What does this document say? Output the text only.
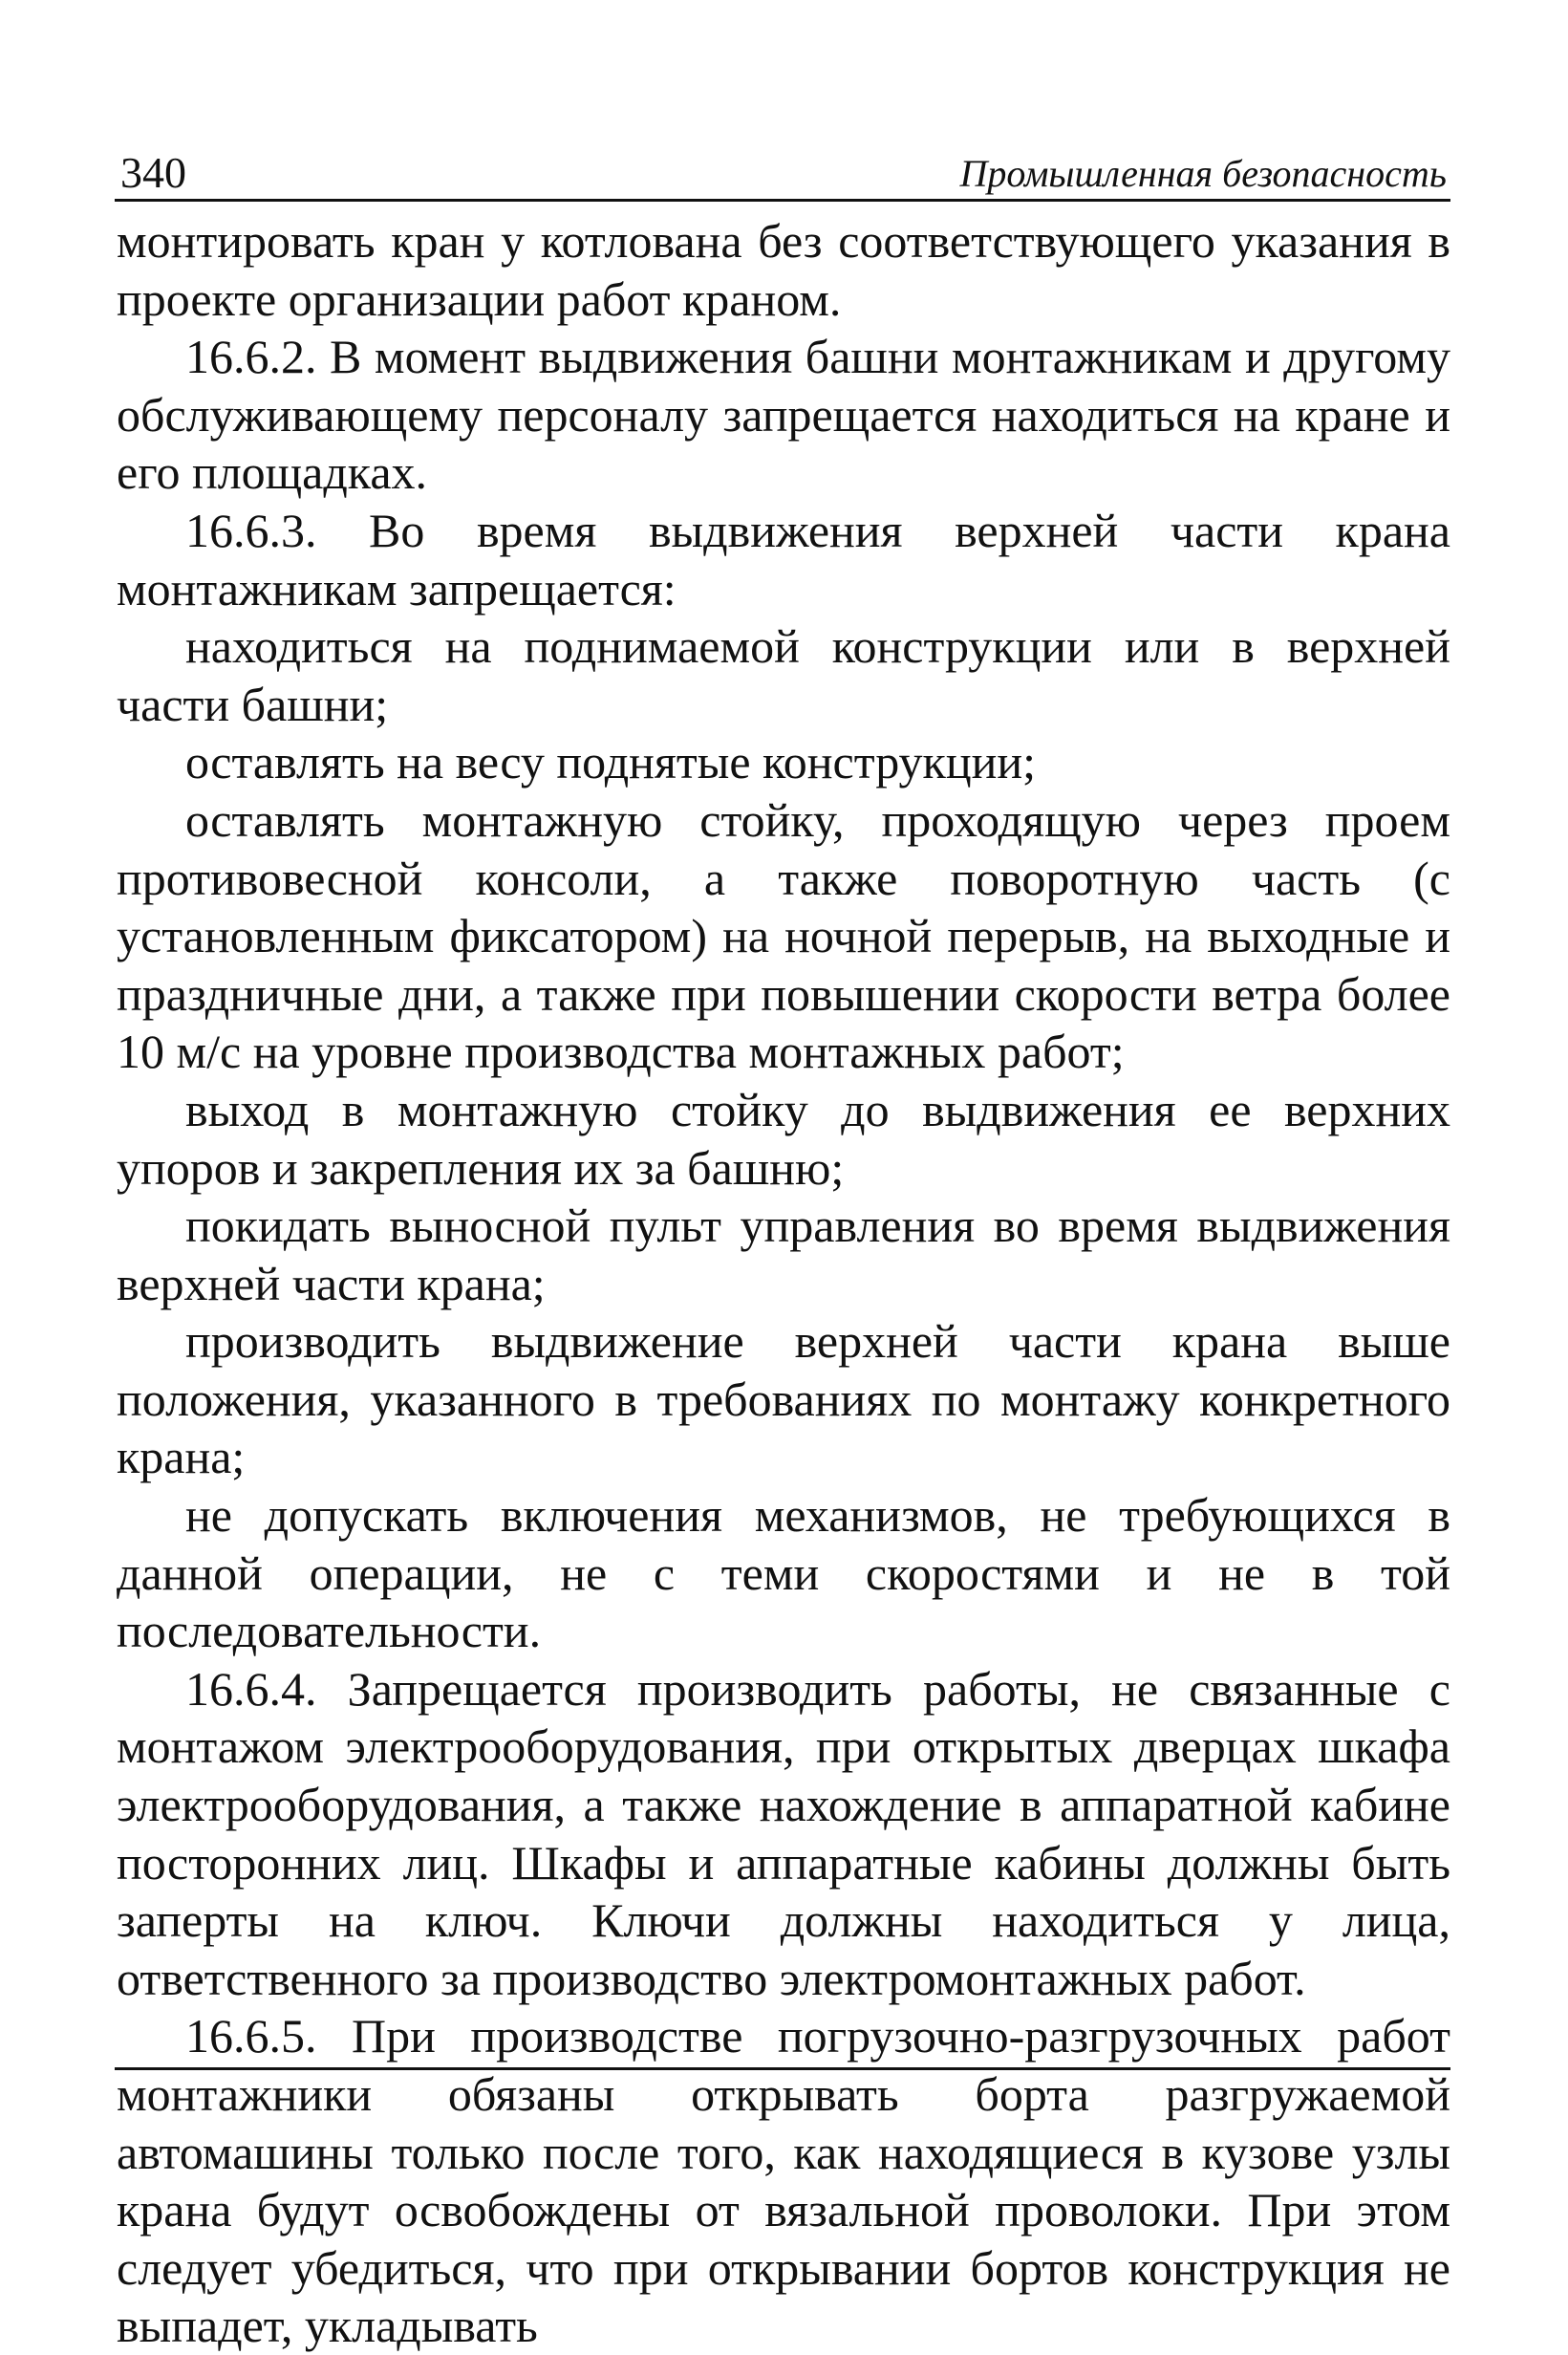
340	Промышленная безопасность

монтировать кран у котлована без соответствующего указания в проекте организации работ краном.

16.6.2. В момент выдвижения башни монтажникам и другому обслуживающему персоналу запрещается находиться на кране и его площадках.

16.6.3. Во время выдвижения верхней части крана монтажникам запрещается:

находиться на поднимаемой конструкции или в верхней части башни;

оставлять на весу поднятые конструкции;

оставлять монтажную стойку, проходящую через проем противовесной консоли, а также поворотную часть (с установленным фиксатором) на ночной перерыв, на выходные и праздничные дни, а также при повышении скорости ветра более 10 м/с на уровне производства монтажных работ;

выход в монтажную стойку до выдвижения ее верхних упоров и закрепления их за башню;

покидать выносной пульт управления во время выдвижения верхней части крана;

производить выдвижение верхней части крана выше положения, указанного в требованиях по монтажу конкретного крана;

не допускать включения механизмов, не требующихся в данной операции, не с теми скоростями и не в той последовательности.

16.6.4. Запрещается производить работы, не связанные с монтажом электрооборудования, при открытых дверцах шкафа электрооборудования, а также нахождение в аппаратной кабине посторонних лиц. Шкафы и аппаратные кабины должны быть заперты на ключ. Ключи должны находиться у лица, ответственного за производство электромонтажных работ.

16.6.5. При производстве погрузочно-разгрузочных работ монтажники обязаны открывать борта разгружаемой автомашины только после того, как находящиеся в кузове узлы крана будут освобождены от вязальной проволоки. При этом следует убедиться, что при открывании бортов конструкция не выпадет, укладывать
